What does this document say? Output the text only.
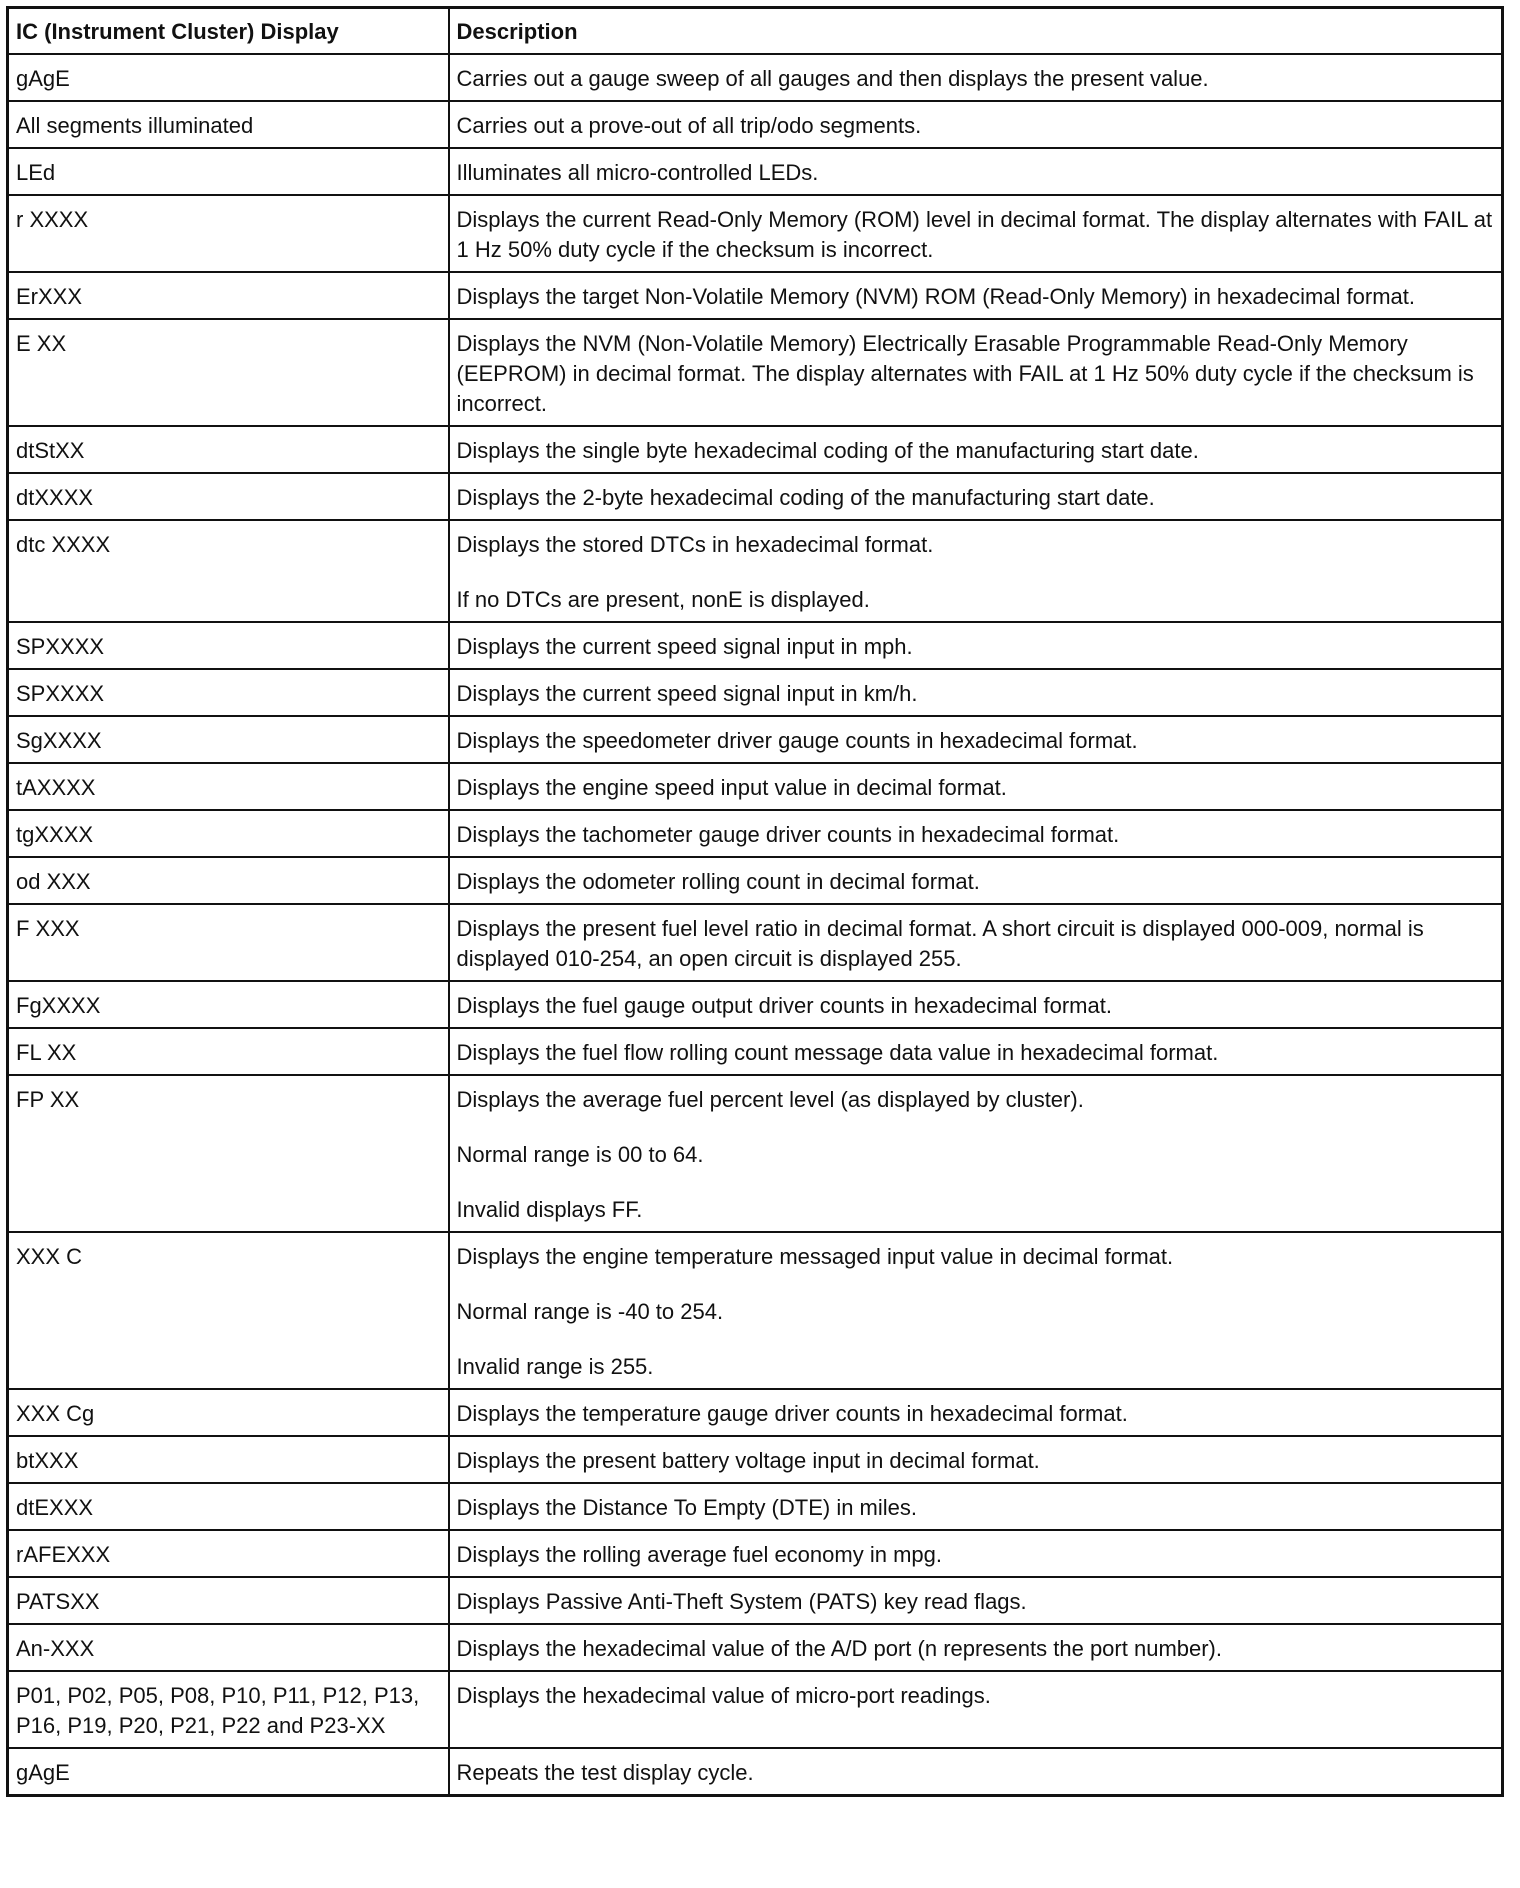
IC (Instrument Cluster) Display	Description
gAgE	Carries out a gauge sweep of all gauges and then displays the present value.

All segments illuminated	Carries out a prove-out of all trip/odo segments.

LEd	Illuminates all micro-controlled LEDs.

r XXXX	Displays the current Read-Only Memory (ROM) level in decimal format. The display alternates with FAIL at 1 Hz 50% duty cycle if the checksum is incorrect.

ErXXX	Displays the target Non-Volatile Memory (NVM) ROM (Read-Only Memory) in hexadecimal format.

E XX	Displays the NVM (Non-Volatile Memory) Electrically Erasable Programmable Read-Only Memory (EEPROM) in decimal format. The display alternates with FAIL at 1 Hz 50% duty cycle if the checksum is incorrect.

dtStXX	Displays the single byte hexadecimal coding of the manufacturing start date.

dtXXXX	Displays the 2-byte hexadecimal coding of the manufacturing start date.

dtc XXXX	Displays the stored DTCs in hexadecimal format.

If no DTCs are present, nonE is displayed.

SPXXXX	Displays the current speed signal input in mph.

SPXXXX	Displays the current speed signal input in km/h.

SgXXXX	Displays the speedometer driver gauge counts in hexadecimal format.

tAXXXX	Displays the engine speed input value in decimal format.

tgXXXX	Displays the tachometer gauge driver counts in hexadecimal format.

od XXX	Displays the odometer rolling count in decimal format.

F XXX	Displays the present fuel level ratio in decimal format. A short circuit is displayed 000-009, normal is displayed 010-254, an open circuit is displayed 255.

FgXXXX	Displays the fuel gauge output driver counts in hexadecimal format.

FL XX	Displays the fuel flow rolling count message data value in hexadecimal format.

FP XX	Displays the average fuel percent level (as displayed by cluster).

Normal range is 00 to 64.

Invalid displays FF.

XXX C	Displays the engine temperature messaged input value in decimal format.

Normal range is -40 to 254.

Invalid range is 255.

XXX Cg	Displays the temperature gauge driver counts in hexadecimal format.

btXXX	Displays the present battery voltage input in decimal format.

dtEXXX	Displays the Distance To Empty (DTE) in miles.

rAFEXXX	Displays the rolling average fuel economy in mpg.

PATSXX	Displays Passive Anti-Theft System (PATS) key read flags.

An-XXX	Displays the hexadecimal value of the A/D port (n represents the port number).

P01, P02, P05, P08, P10, P11, P12, P13, P16, P19, P20, P21, P22 and P23-XX	Displays the hexadecimal value of micro-port readings.

gAgE	Repeats the test display cycle.
